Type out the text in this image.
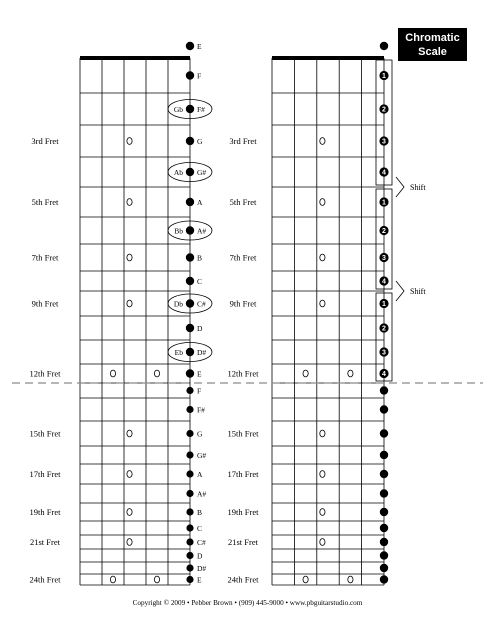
Chromatic
Scale
3rd Fret
5th Fret
7th Fret
9th Fret
12th Fret
15th Fret
17th Fret
19th Fret
21st Fret
24th Fret
3rd Fret
5th Fret
7th Fret
9th Fret
12th Fret
15th Fret
17th Fret
19th Fret
21st Fret
24th Fret
E
F
F#
Gb
G
G#
Ab
A
A#
Bb
B
C
C#
Db
D
D#
Eb
E
F
F#
G
G#
A
A#
B
C
C#
D
D#
E
1
2
3
4
1
2
3
4
1
2
3
4
Shift
Shift
Copyright © 2009 • Pebber Brown • (909) 445-9000 • www.pbguitarstudio.com
